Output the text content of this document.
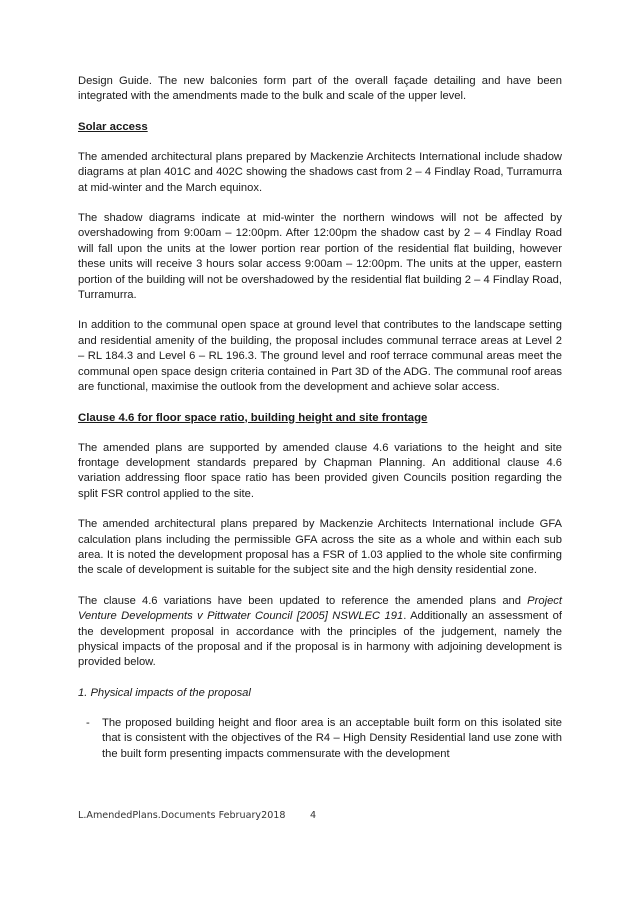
Design Guide. The new balconies form part of the overall façade detailing and have been integrated with the amendments made to the bulk and scale of the upper level.

Solar access

The amended architectural plans prepared by Mackenzie Architects International include shadow diagrams at plan 401C and 402C showing the shadows cast from 2 – 4 Findlay Road, Turramurra at mid-winter and the March equinox.

The shadow diagrams indicate at mid-winter the northern windows will not be affected by overshadowing from 9:00am – 12:00pm. After 12:00pm the shadow cast by 2 – 4 Findlay Road will fall upon the units at the lower portion rear portion of the residential flat building, however these units will receive 3 hours solar access 9:00am – 12:00pm. The units at the upper, eastern portion of the building will not be overshadowed by the residential flat building 2 – 4 Findlay Road, Turramurra.

In addition to the communal open space at ground level that contributes to the landscape setting and residential amenity of the building, the proposal includes communal terrace areas at Level 2 – RL 184.3 and Level 6 – RL 196.3. The ground level and roof terrace communal areas meet the communal open space design criteria contained in Part 3D of the ADG. The communal roof areas are functional, maximise the outlook from the development and achieve solar access.

Clause 4.6 for floor space ratio, building height and site frontage

The amended plans are supported by amended clause 4.6 variations to the height and site frontage development standards prepared by Chapman Planning. An additional clause 4.6 variation addressing floor space ratio has been provided given Councils position regarding the split FSR control applied to the site.

The amended architectural plans prepared by Mackenzie Architects International include GFA calculation plans including the permissible GFA across the site as a whole and within each sub area. It is noted the development proposal has a FSR of 1.03 applied to the whole site confirming the scale of development is suitable for the subject site and the high density residential zone.

The clause 4.6 variations have been updated to reference the amended plans and Project Venture Developments v Pittwater Council [2005] NSWLEC 191. Additionally an assessment of the development proposal in accordance with the principles of the judgement, namely the physical impacts of the proposal and if the proposal is in harmony with adjoining development is provided below.

1. Physical impacts of the proposal

- The proposed building height and floor area is an acceptable built form on this isolated site that is consistent with the objectives of the R4 – High Density Residential land use zone with the built form presenting impacts commensurate with the development

L.AmendedPlans.Documents February2018	4
